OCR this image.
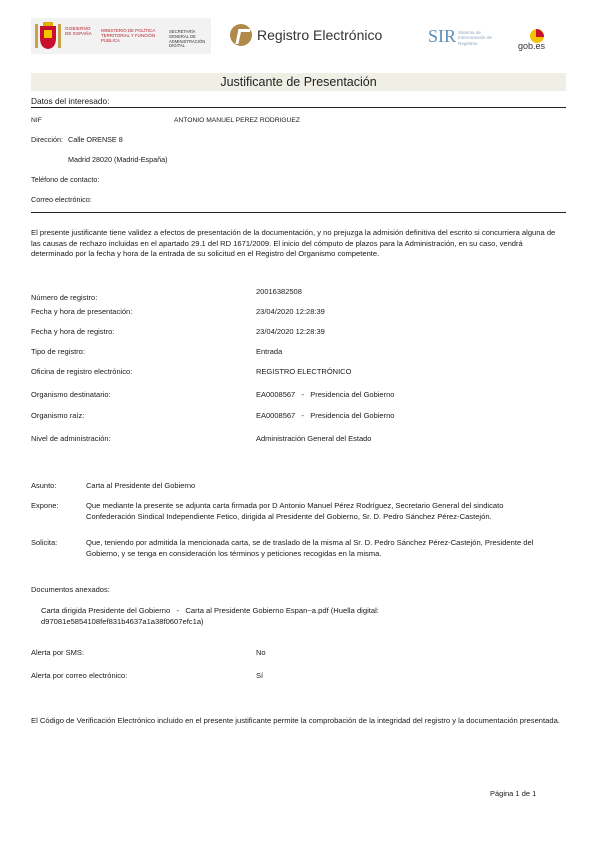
GOBIERNO DE ESPAÑA
MINISTERIO DE POLÍTICA TERRITORIAL Y FUNCIÓN PÚBLICA
SECRETARÍA GENERAL DE ADMINISTRACIÓN DIGITAL
Registro Electrónico	SIR Sistema de Interconexión de Registros	gob.es
Justificante de Presentación
Datos del interesado:
NIF	ANTONIO MANUEL PEREZ RODRIGUEZ
Dirección: Calle ORENSE 8
Madrid 28020 (Madrid-España)
Teléfono de contacto:
Correo electrónico:
El presente justificante tiene validez a efectos de presentación de la documentación, y no prejuzga la admisión definitiva del escrito si concurriera alguna de las causas de rechazo incluidas en el apartado 29.1 del RD 1671/2009. El inicio del cómputo de plazos para la Administración, en su caso, vendrá determinado por la fecha y hora de la entrada de su solicitud en el Registro del Organismo competente.
Número de registro:
20016382508
Fecha y hora de presentación:	23/04/2020 12:28:39
Fecha y hora de registro:	23/04/2020 12:28:39
Tipo de registro:	Entrada
Oficina de registro electrónico:	REGISTRO ELECTRÓNICO
Organismo destinatario:	EA0008567   -   Presidencia del Gobierno
Organismo raíz:	EA0008567   -   Presidencia del Gobierno
Nivel de administración:	Administración General del Estado
Asunto:	Carta al Presidente del Gobierno
Expone:	Que mediante la presente se adjunta carta firmada por D Antonio Manuel Pérez Rodríguez, Secretario General del sindicato Confederación Sindical Independiente Fetico, dirigida al Presidente del Gobierno, Sr. D. Pedro Sánchez Pérez-Castejón.
Solicita:	Que, teniendo por admitida la mencionada carta, se de traslado de la misma al Sr. D. Pedro Sánchez Pérez-Castejón, Presidente del Gobierno, y se tenga en consideración los términos y peticiones recogidas en la misma.
Documentos anexados:
Carta dirigida Presidente del Gobierno   -   Carta al Presidente Gobierno Espan~a.pdf (Huella digital: d97081e5854108fef831b4637a1a38f0607efc1a)
Alerta por SMS:	No
Alerta por correo electrónico:	Sí
El Código de Verificación Electrónico incluido en el presente justificante permite la comprobación de la integridad del registro y la documentación presentada.
Página 1 de 1
